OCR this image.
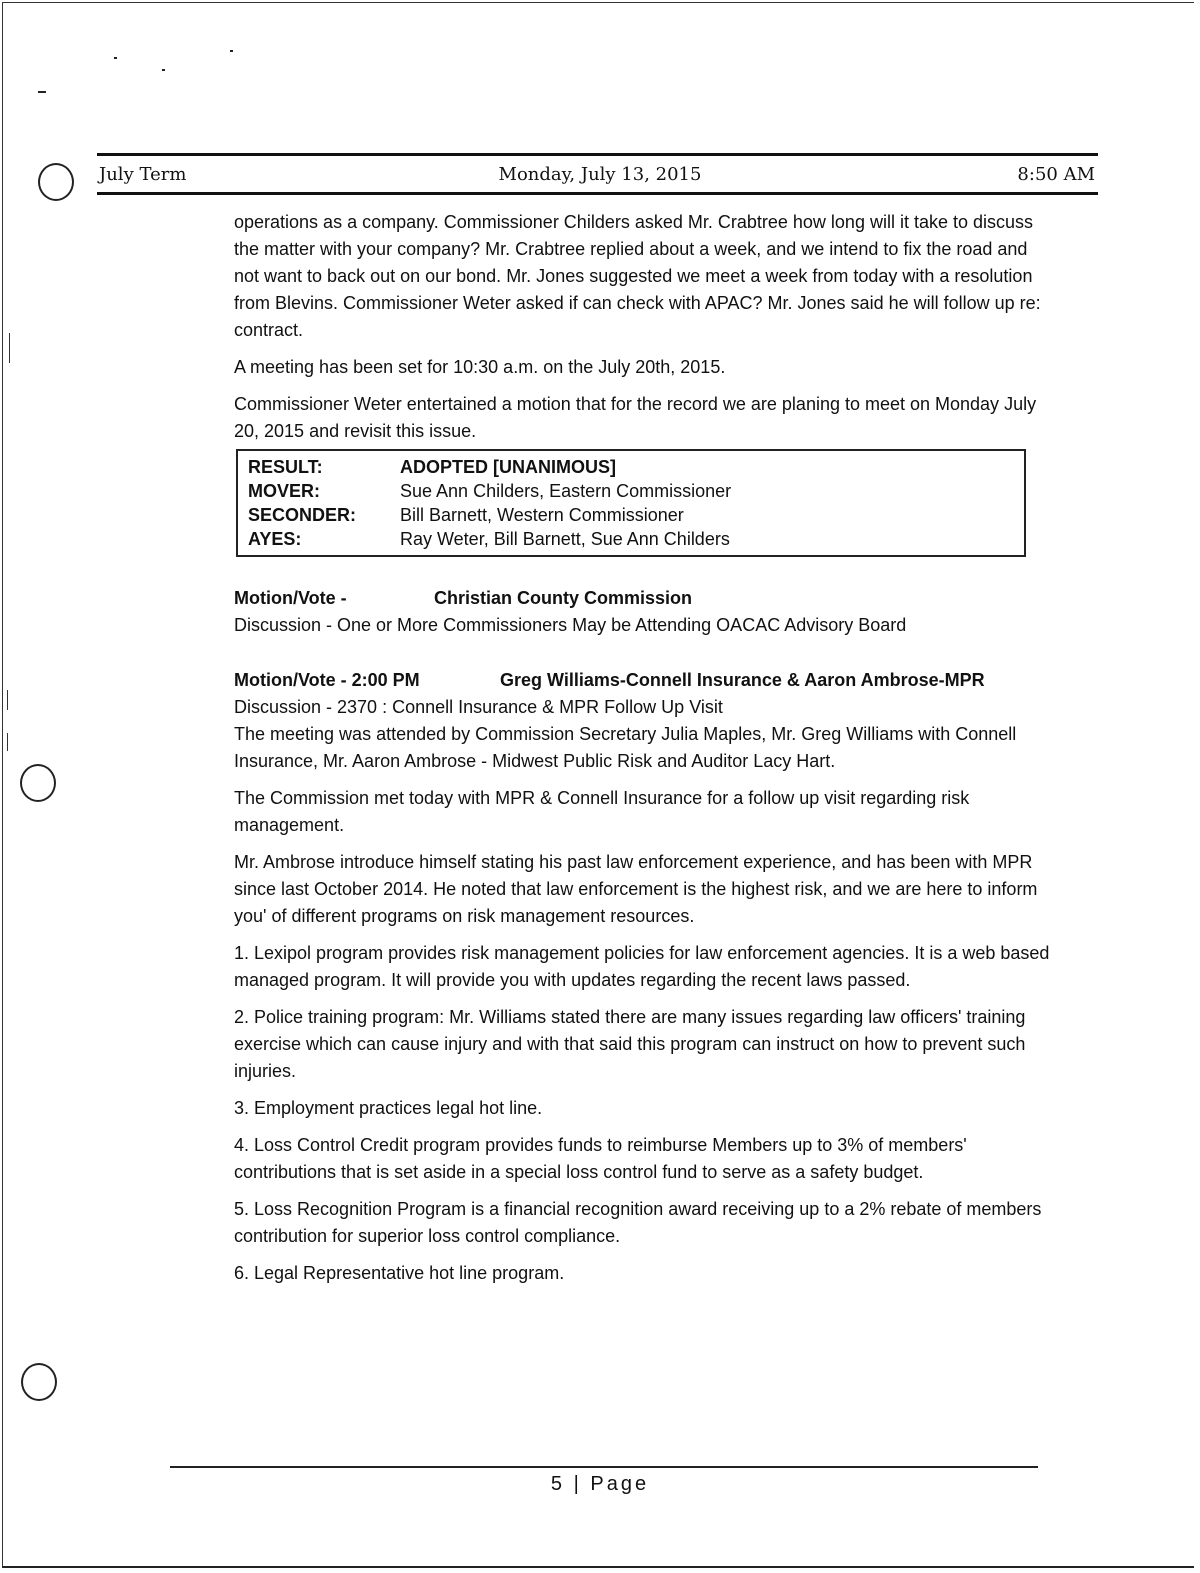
July Term	Monday, July 13, 2015	8:50 AM

operations as a company. Commissioner Childers asked Mr. Crabtree how long will it take to discuss the matter with your company? Mr. Crabtree replied about a week, and we intend to fix the road and not want to back out on our bond. Mr. Jones suggested we meet a week from today with a resolution from Blevins. Commissioner Weter asked if can check with APAC? Mr. Jones said he will follow up re: contract.

A meeting has been set for 10:30 a.m. on the July 20th, 2015.

Commissioner Weter entertained a motion that for the record we are planing to meet on Monday July 20, 2015 and revisit this issue.

RESULT:	ADOPTED [UNANIMOUS]
MOVER:	Sue Ann Childers, Eastern Commissioner
SECONDER:	Bill Barnett, Western Commissioner
AYES:	Ray Weter, Bill Barnett, Sue Ann Childers
Motion/Vote -	Christian County Commission
Discussion - One or More Commissioners May be Attending OACAC Advisory Board
Motion/Vote - 2:00 PM	Greg Williams-Connell Insurance & Aaron Ambrose-MPR
Discussion - 2370 : Connell Insurance & MPR Follow Up Visit

The meeting was attended by Commission Secretary Julia Maples, Mr. Greg Williams with Connell Insurance, Mr. Aaron Ambrose - Midwest Public Risk and Auditor Lacy Hart.

The Commission met today with MPR & Connell Insurance for a follow up visit regarding risk management.

Mr. Ambrose introduce himself stating his past law enforcement experience, and has been with MPR since last October 2014. He noted that law enforcement is the highest risk, and we are here to inform you' of different programs on risk management resources.

1. Lexipol program provides risk management policies for law enforcement agencies. It is a web based managed program. It will provide you with updates regarding the recent laws passed.

2. Police training program: Mr. Williams stated there are many issues regarding law officers' training exercise which can cause injury and with that said this program can instruct on how to prevent such injuries.

3. Employment practices legal hot line.

4. Loss Control Credit program provides funds to reimburse Members up to 3% of members' contributions that is set aside in a special loss control fund to serve as a safety budget.

5. Loss Recognition Program is a financial recognition award receiving up to a 2% rebate of members contribution for superior loss control compliance.

6. Legal Representative hot line program.

5 | Page
